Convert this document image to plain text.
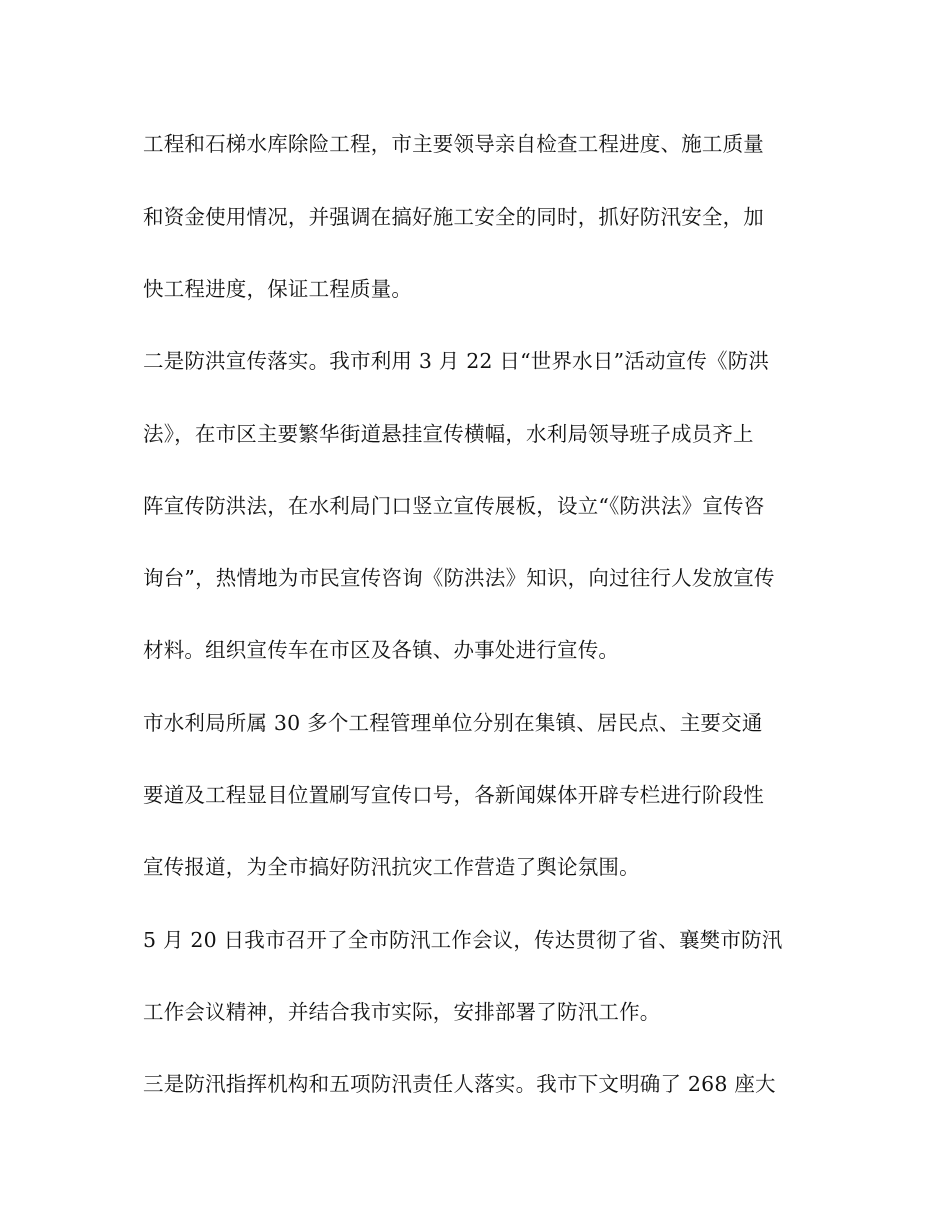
工程和石梯水库除险工程，市主要领导亲自检查工程进度、施工质量
和资金使用情况，并强调在搞好施工安全的同时，抓好防汛安全，加
快工程进度，保证工程质量。
二是防洪宣传落实。我市利用 3 月 22 日“世界水日”活动宣传《防洪
法》，在市区主要繁华街道悬挂宣传横幅，水利局领导班子成员齐上
阵宣传防洪法，在水利局门口竖立宣传展板，设立“《防洪法》宣传咨
询台”，热情地为市民宣传咨询《防洪法》知识，向过往行人发放宣传
材料。组织宣传车在市区及各镇、办事处进行宣传。
市水利局所属 30 多个工程管理单位分别在集镇、居民点、主要交通
要道及工程显目位置刷写宣传口号，各新闻媒体开辟专栏进行阶段性
宣传报道，为全市搞好防汛抗灾工作营造了舆论氛围。
5 月 20 日我市召开了全市防汛工作会议，传达贯彻了省、襄樊市防汛
工作会议精神，并结合我市实际，安排部署了防汛工作。
三是防汛指挥机构和五项防汛责任人落实。我市下文明确了 268 座大
